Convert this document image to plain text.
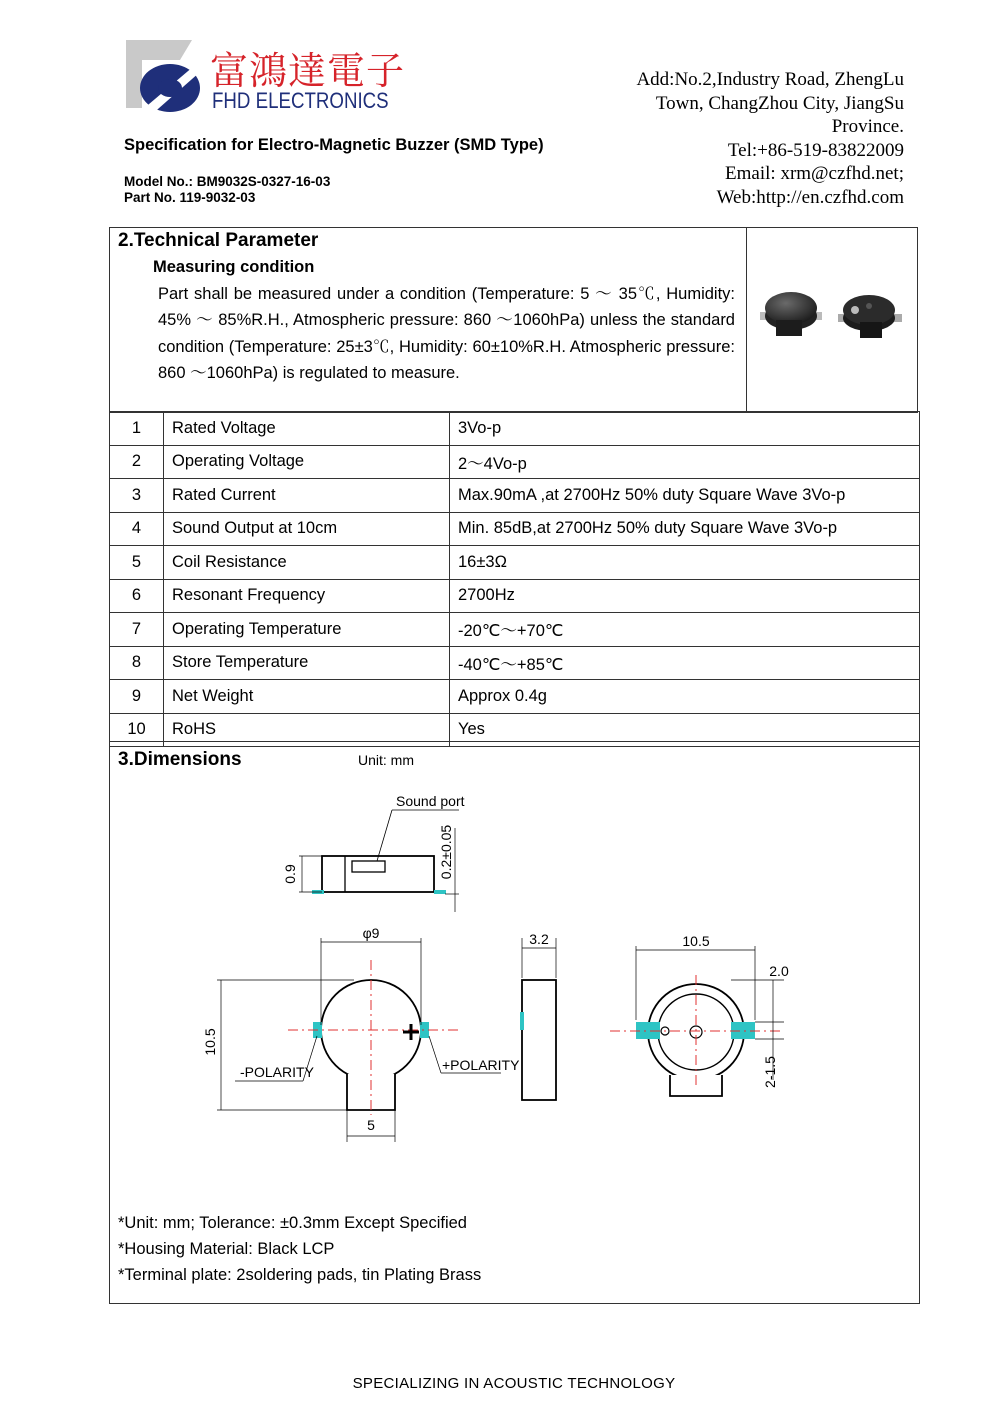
富鴻達電子
FHD ELECTRONICS
Add:No.2,Industry Road, ZhengLu
Town, ChangZhou City, JiangSu
Province.
Tel:+86-519-83822009
Email: xrm@czfhd.net;
Web:http://en.czfhd.com
Specification for Electro-Magnetic Buzzer (SMD Type)
Model No.: BM9032S-0327-16-03
Part No. 119-9032-03
2.Technical Parameter
Measuring condition
Part shall be measured under a condition (Temperature: 5 ～ 35℃, Humidity: 45% ～ 85%R.H., Atmospheric pressure: 860 ～1060hPa) unless the standard condition (Temperature: 25±3℃, Humidity: 60±10%R.H. Atmospheric pressure: 860 ～1060hPa) is regulated to measure.
1	Rated Voltage	3Vo-p
2	Operating Voltage	2～4Vo-p
3	Rated Current	Max.90mA ,at 2700Hz 50% duty Square Wave 3Vo-p
4	Sound Output at 10cm	Min. 85dB,at 2700Hz 50% duty Square Wave 3Vo-p
5	Coil Resistance	16±3Ω
6	Resonant Frequency	2700Hz
7	Operating Temperature	-20℃～+70℃
8	Store Temperature	-40℃～+85℃
9	Net Weight	Approx 0.4g
10	RoHS	Yes
3.Dimensions	Unit: mm
Sound port
0.9	0.2±0.05
φ9
10.5
5
-POLARITY	+POLARITY
3.2	10.5
2.0
2-1.5
*Unit: mm; Tolerance: ±0.3mm Except Specified
*Housing Material: Black LCP
*Terminal plate: 2soldering pads, tin Plating Brass
SPECIALIZING IN ACOUSTIC TECHNOLOGY
